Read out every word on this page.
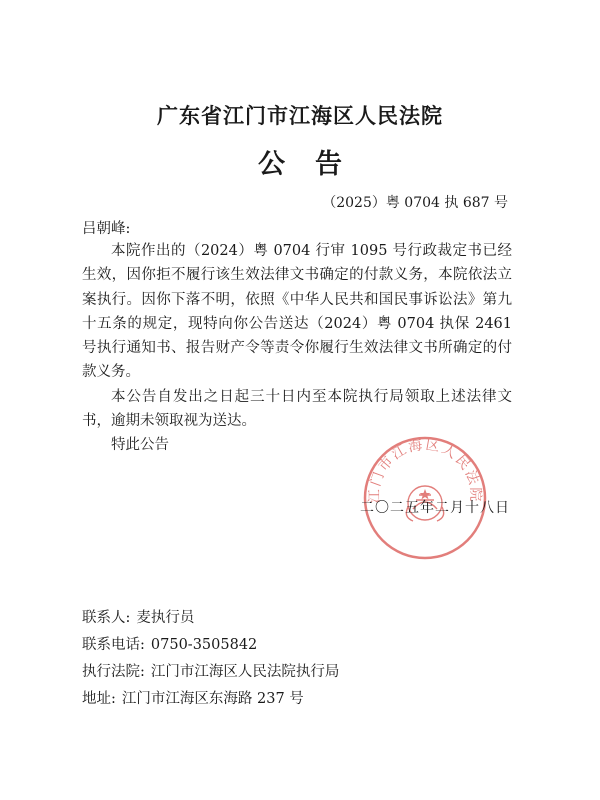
广东省江门市江海区人民法院
公告
（2025）粤 0704 执 687 号
吕朝峰:

本院作出的（2024）粤 0704 行审 1095 号行政裁定书已经生效，因你拒不履行该生效法律文书确定的付款义务，本院依法立案执行。因你下落不明，依照《中华人民共和国民事诉讼法》第九十五条的规定，现特向你公告送达（2024）粤 0704 执保 2461 号执行通知书、报告财产令等责令你履行生效法律文书所确定的付款义务。

本公告自发出之日起三十日内至本院执行局领取上述法律文书，逾期未领取视为送达。

特此公告

江门市江海区人民法院
二〇二五年二月十八日
联系人: 麦执行员
联系电话: 0750-3505842
执行法院: 江门市江海区人民法院执行局
地址: 江门市江海区东海路 237 号
